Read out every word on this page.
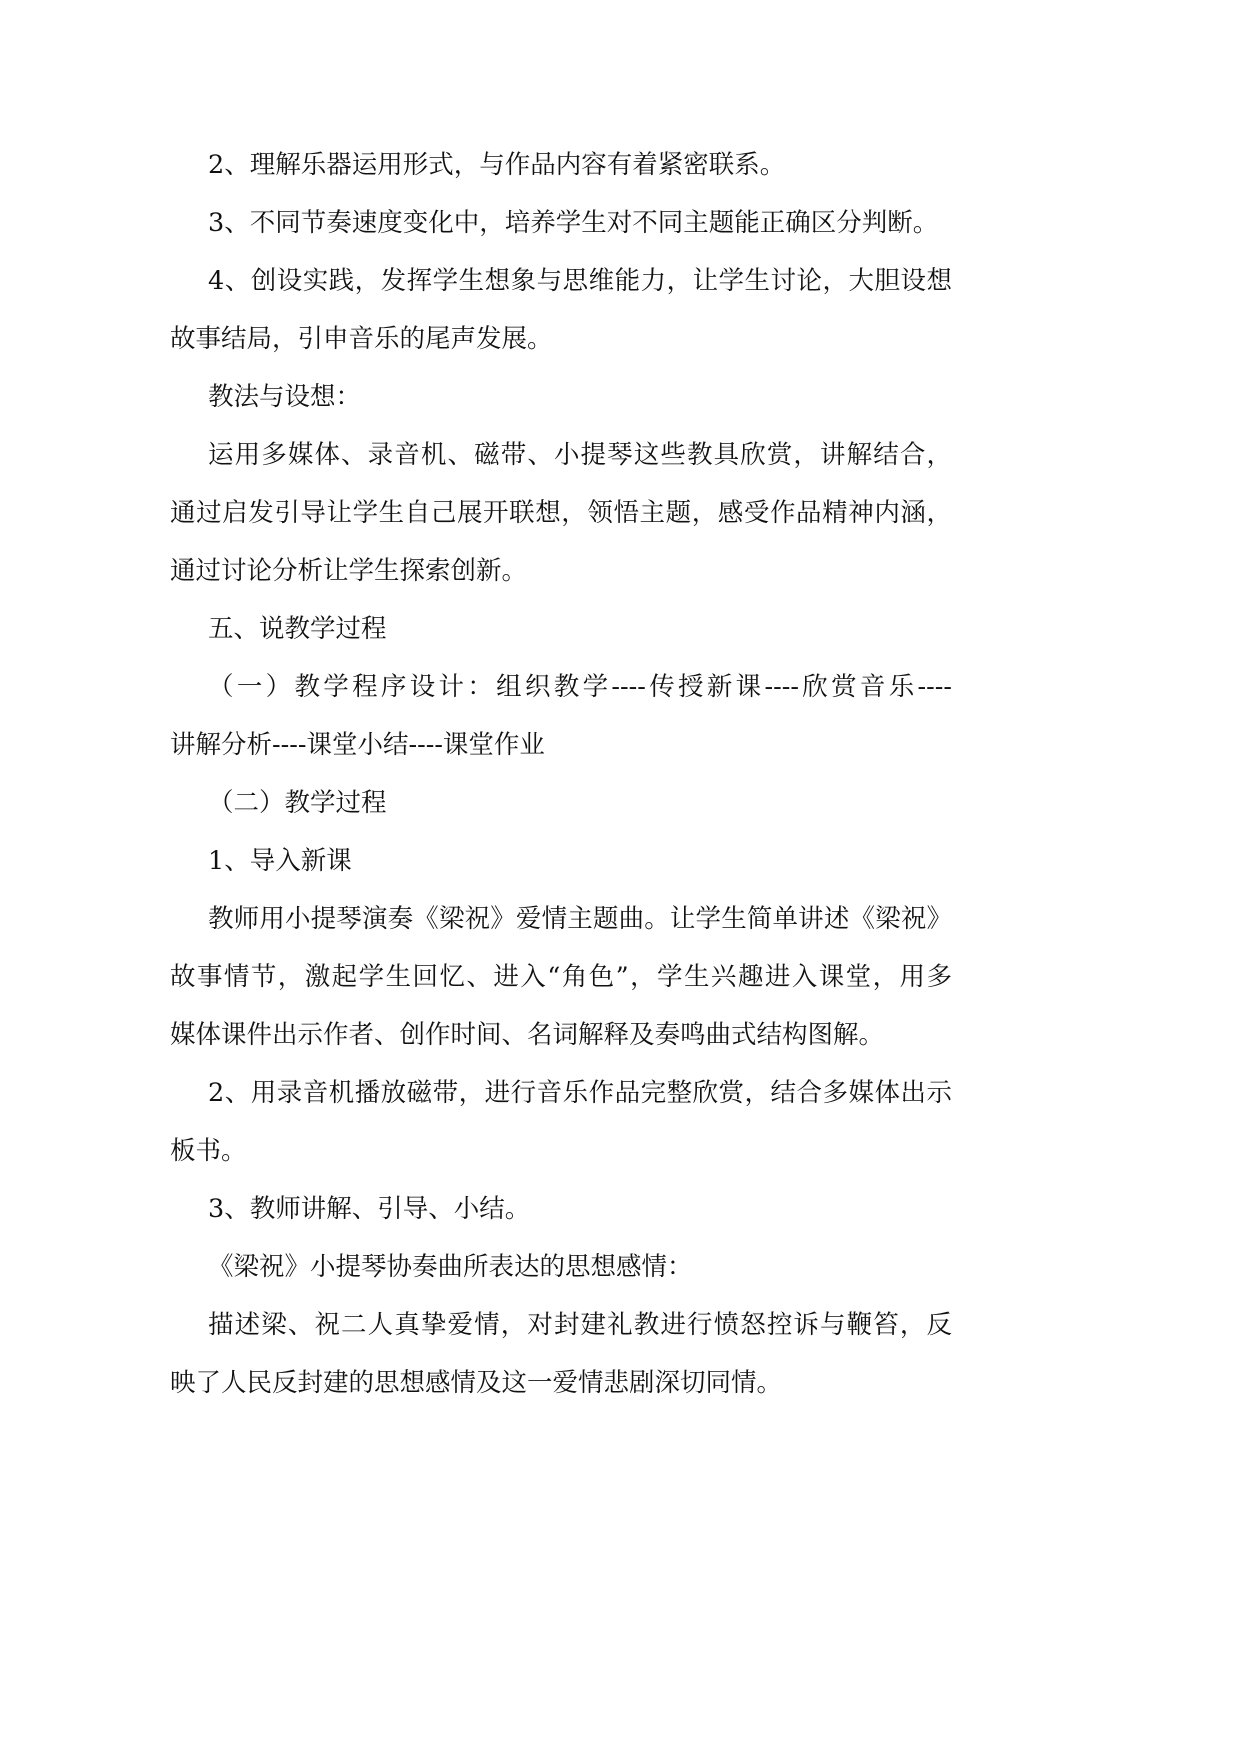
2、理解乐器运用形式，与作品内容有着紧密联系。

3、不同节奏速度变化中，培养学生对不同主题能正确区分判断。

4、创设实践，发挥学生想象与思维能力，让学生讨论，大胆设想
故事结局，引申音乐的尾声发展。

教法与设想：

运用多媒体、录音机、磁带、小提琴这些教具欣赏，讲解结合，
通过启发引导让学生自己展开联想，领悟主题，感受作品精神内涵，
通过讨论分析让学生探索创新。

五、说教学过程

（一）教学程序设计：组织教学----传授新课----欣赏音乐----
讲解分析----课堂小结----课堂作业

（二）教学过程

1、导入新课

教师用小提琴演奏《梁祝》爱情主题曲。让学生简单讲述《梁祝》
故事情节，激起学生回忆、进入“角色”，学生兴趣进入课堂，用多
媒体课件出示作者、创作时间、名词解释及奏鸣曲式结构图解。

2、用录音机播放磁带，进行音乐作品完整欣赏，结合多媒体出示
板书。

3、教师讲解、引导、小结。

《梁祝》小提琴协奏曲所表达的思想感情：

描述梁、祝二人真挚爱情，对封建礼教进行愤怒控诉与鞭笞，反
映了人民反封建的思想感情及这一爱情悲剧深切同情。
